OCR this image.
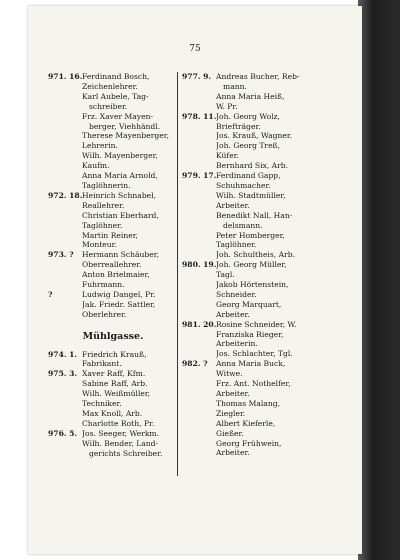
75
971. 16. Ferdinand Bosch,
Zeichenlehrer.
Karl Aubele, Tag-
schreiber.
Frz. Xaver Mayen-
berger, Viehhändl.
Therese Mayenberger,
Lehrerin.
Wilh. Mayenberger,
Kaufm.
Anna Maria Arnold,
Taglöhnerin.
972. 18. Heinrich Schnabel,
Reallehrer.
Christian Eberhard,
Taglöhner.
Martin Reiner,
Monteur.
973. ?	Hermann Schäuber,
Oberreallehrer.
Anton Brielmaier,
Fuhrmann.
?	Ludwig Dangel, Pr.
Jak. Friedr. Sattler,
Oberlehrer.
Mühlgasse.
974. 1. Friedrich Krauß,
Fabrikant.
975. 3. Xaver Raff, Kfm.
Sabine Raff, Arb.
Wilh. Weißmüller,
Techniker.
Max Knoll, Arb.
Charlotte Roth, Pr.
976. 5. Jos. Seeger, Werkm.
Wilh. Bender, Land-
gerichts Schreiber.
977. 9. Andreas Bucher, Reb-
mann.
Anna Maria Heiß,
W. Pr.
978. 11. Joh. Georg Wolz,
Briefträger.
Jos. Krauß, Wagner.
Joh. Georg Treß,
Küfer.
Bernhard Six, Arb.
979. 17. Ferdinand Gapp,
Schuhmacher.
Wilh. Stadtmüller,
Arbeiter.
Benedikt Nall, Han-
delsmann.
Peter Homberger,
Taglöhner.
Joh. Schultheis, Arb.
980. 19. Joh. Georg Müller,
Tagl.
Jakob Hörtenstein,
Schneider.
Georg Marquart,
Arbeiter.
981. 20. Rosine Schneider, W.
Franziska Rieger,
Arbeiterin.
Jos. Schlachter, Tgl.
982. ?	Anna Maria Buck,
Witwe.
Frz. Ant. Nothelfer,
Arbeiter.
Thomas Malang,
Ziegler.
Albert Kieferle,
Gießer.
Georg Frühwein,
Arbeiter.
